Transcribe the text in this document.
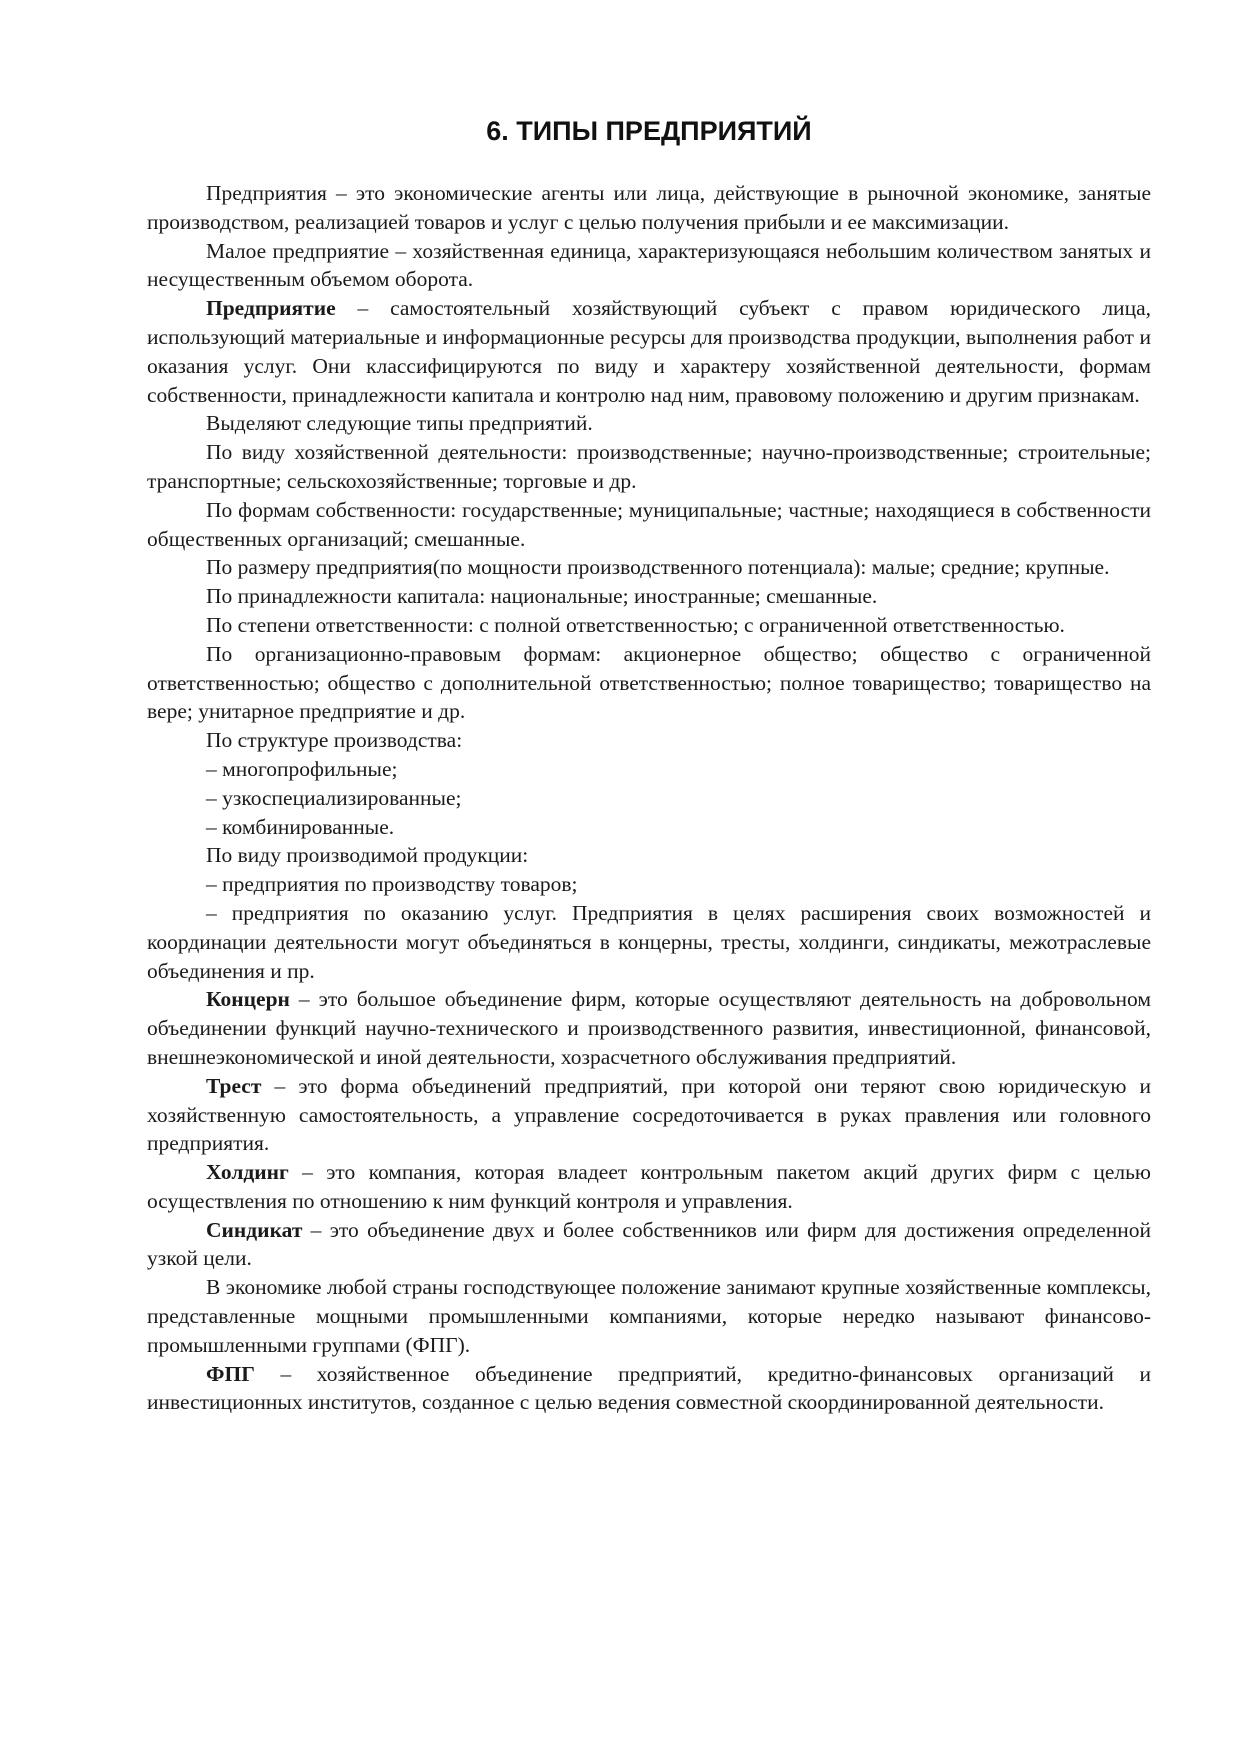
6. ТИПЫ ПРЕДПРИЯТИЙ
Предприятия – это экономические агенты или лица, действующие в рыночной экономике, занятые производством, реализацией товаров и услуг с целью получения прибыли и ее максимизации.
Малое предприятие – хозяйственная единица, характеризующаяся небольшим количеством занятых и несущественным объемом оборота.
Предприятие – самостоятельный хозяйствующий субъект с правом юридического лица, использующий материальные и информационные ресурсы для производства продукции, выполнения работ и оказания услуг. Они классифицируются по виду и характеру хозяйственной деятельности, формам собственности, принадлежности капитала и контролю над ним, правовому положению и другим признакам.
Выделяют следующие типы предприятий.
По виду хозяйственной деятельности: производственные; научно-производственные; строительные; транспортные; сельскохозяйственные; торговые и др.
По формам собственности: государственные; муниципальные; частные; находящиеся в собственности общественных организаций; смешанные.
По размеру предприятия(по мощности производственного потенциала): малые; средние; крупные.
По принадлежности капитала: национальные; иностранные; смешанные.
По степени ответственности: с полной ответственностью; с ограниченной ответственностью.
По организационно-правовым формам: акционерное общество; общество с ограниченной ответственностью; общество с дополнительной ответственностью; полное товарищество; товарищество на вере; унитарное предприятие и др.
По структуре производства:
– многопрофильные;
– узкоспециализированные;
– комбинированные.
По виду производимой продукции:
– предприятия по производству товаров;
– предприятия по оказанию услуг. Предприятия в целях расширения своих возможностей и координации деятельности могут объединяться в концерны, тресты, холдинги, синдикаты, межотраслевые объединения и пр.
Концерн – это большое объединение фирм, которые осуществляют деятельность на добровольном объединении функций научно-технического и производственного развития, инвестиционной, финансовой, внешнеэкономической и иной деятельности, хозрасчетного обслуживания предприятий.
Трест – это форма объединений предприятий, при которой они теряют свою юридическую и хозяйственную самостоятельность, а управление сосредоточивается в руках правления или головного предприятия.
Холдинг – это компания, которая владеет контрольным пакетом акций других фирм с целью осуществления по отношению к ним функций контроля и управления.
Синдикат – это объединение двух и более собственников или фирм для достижения определенной узкой цели.
В экономике любой страны господствующее положение занимают крупные хозяйственные комплексы, представленные мощными промышленными компаниями, которые нередко называют финансово-промышленными группами (ФПГ).
ФПГ – хозяйственное объединение предприятий, кредитно-финансовых организаций и инвестиционных институтов, созданное с целью ведения совместной скоординированной деятельности.
